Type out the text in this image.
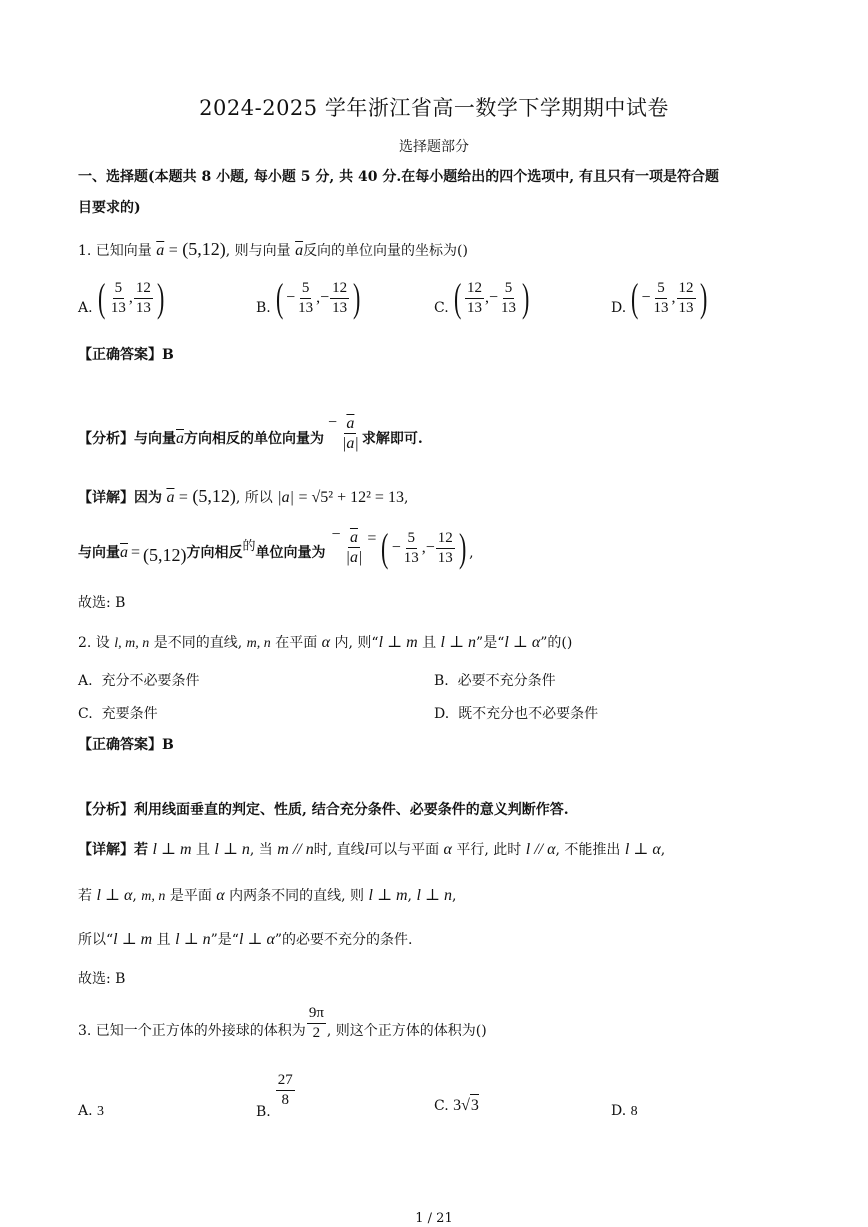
2024-2025 学年浙江省高一数学下学期期中试卷
选择题部分
一、选择题(本题共 8 小题, 每小题 5 分, 共 40 分.在每小题给出的四个选项中, 有且只有一项是符合题
目要求的)
1. 已知向量 $\overline{a} = (5,12)$, 则与向量 $\overline{a}$反向的单位向量的坐标为()
A. ( $\frac{5}{13}$ , $\frac{12}{13}$ )	B. ( − $\frac{5}{13}$ , − $\frac{12}{13}$ )	C. ( $\frac{12}{13}$ , − $\frac{5}{13}$ )	D. ( − $\frac{5}{13}$ , $\frac{12}{13}$ )
【正确答案】B
【分析】与向量 $\overline{a}$ 方向相反的单位向量为
− $\frac{\overline{a}}{|a|}$ 求解即可.
【详解】因为 $\overline{a} = (5,12)$, 所以 |a| = √5² + 12² = 13,
与向量 $\overline{a} = (5,12)$ 方向相反 的 单位向量为
− $\frac{\overline{a}}{|a|}$ = ( − $\frac{5}{13}$ , − $\frac{12}{13}$ ) ,
故选: B
2. 设 l, m, n 是不同的直线, m, n 在平面 α 内, 则“l ⊥ m 且 l ⊥ n”是“l ⊥ α”的()
A. 充分不必要条件	B. 必要不充分条件
C. 充要条件	D. 既不充分也不必要条件
【正确答案】B
【分析】利用线面垂直的判定、性质, 结合充分条件、必要条件的意义判断作答.
【详解】若 l ⊥ m 且 l ⊥ n, 当 m // n时, 直线l可以与平面 α 平行, 此时 l // α, 不能推出 l ⊥ α,
若 l ⊥ α, m, n 是平面 α 内两条不同的直线, 则 l ⊥ m, l ⊥ n,
所以“l ⊥ m 且 l ⊥ n”是“l ⊥ α”的必要不充分的条件.
故选: B
3. 已知一个正方体的外接球的体积为 $\frac{9\pi}{2}$ , 则这个正方体的体积为()
A. 3	B.
$\frac{27}{8}$	C. 3√3	D. 8
1 / 21
